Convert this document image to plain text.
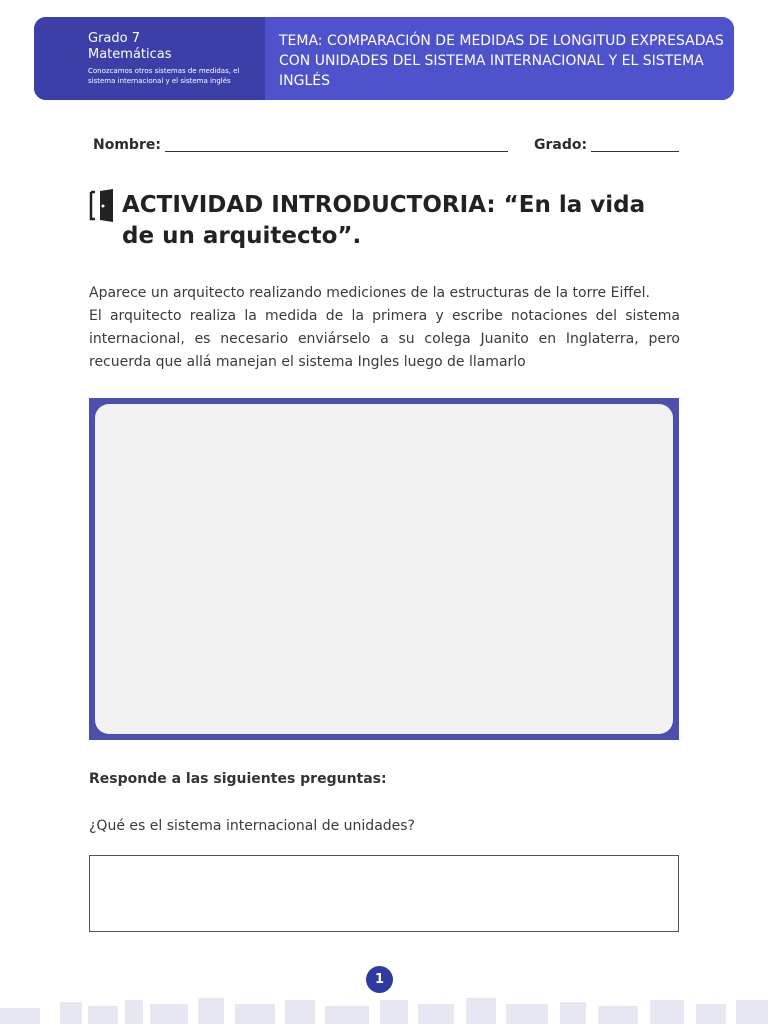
Grado 7
Matemáticas
Conozcamos otros sistemas de medidas, el sistema internacional y el sistema inglés
TEMA: COMPARACIÓN DE MEDIDAS DE LONGITUD EXPRESADAS CON UNIDADES DEL SISTEMA INTERNACIONAL Y EL SISTEMA INGLÉS
Nombre:	Grado:
ACTIVIDAD INTRODUCTORIA: “En la vida de un arquitecto”.

Aparece un arquitecto realizando mediciones de la estructuras de la torre Eiffel.

El arquitecto realiza la medida de la primera y escribe notaciones del sistema internacional, es necesario enviárselo a su colega Juanito en Inglaterra, pero recuerda que allá manejan el sistema Ingles luego de llamarlo

Responde a las siguientes preguntas:
¿Qué es el sistema internacional de unidades?
1
